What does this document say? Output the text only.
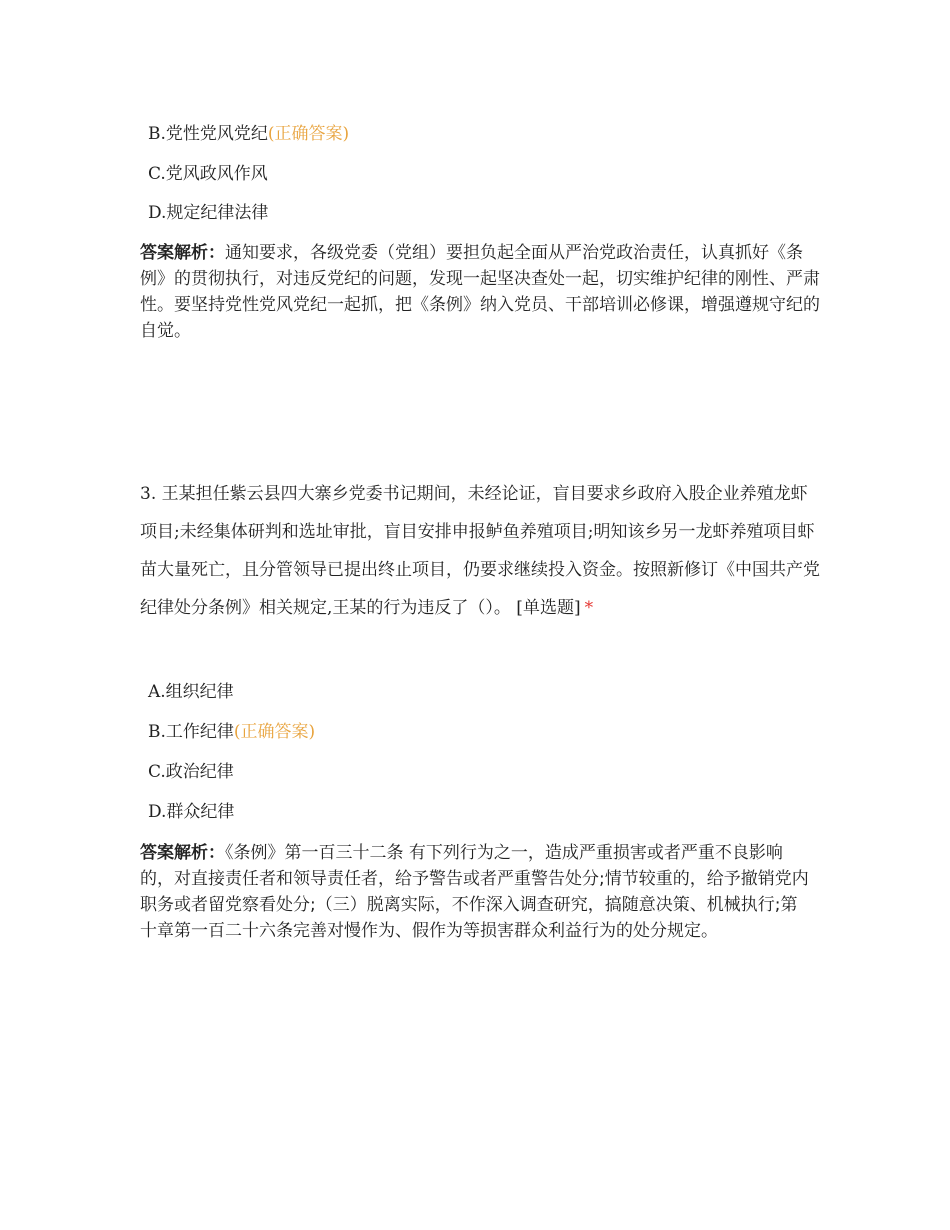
B.党性党风党纪(正确答案)
C.党风政风作风
D.规定纪律法律
答案解析：通知要求，各级党委（党组）要担负起全面从严治党政治责任，认真抓好《条例》的贯彻执行，对违反党纪的问题，发现一起坚决查处一起，切实维护纪律的刚性、严肃性。要坚持党性党风党纪一起抓，把《条例》纳入党员、干部培训必修课，增强遵规守纪的自觉。
3. 王某担任紫云县四大寨乡党委书记期间，未经论证，盲目要求乡政府入股企业养殖龙虾项目;未经集体研判和选址审批，盲目安排申报鲈鱼养殖项目;明知该乡另一龙虾养殖项目虾苗大量死亡，且分管领导已提出终止项目，仍要求继续投入资金。按照新修订《中国共产党纪律处分条例》相关规定,王某的行为违反了（）。 [单选题] *
A.组织纪律
B.工作纪律(正确答案)
C.政治纪律
D.群众纪律
答案解析：《条例》第一百三十二条 有下列行为之一，造成严重损害或者严重不良影响的，对直接责任者和领导责任者，给予警告或者严重警告处分;情节较重的，给予撤销党内职务或者留党察看处分;（三）脱离实际，不作深入调查研究，搞随意决策、机械执行;第十章第一百二十六条完善对慢作为、假作为等损害群众利益行为的处分规定。
